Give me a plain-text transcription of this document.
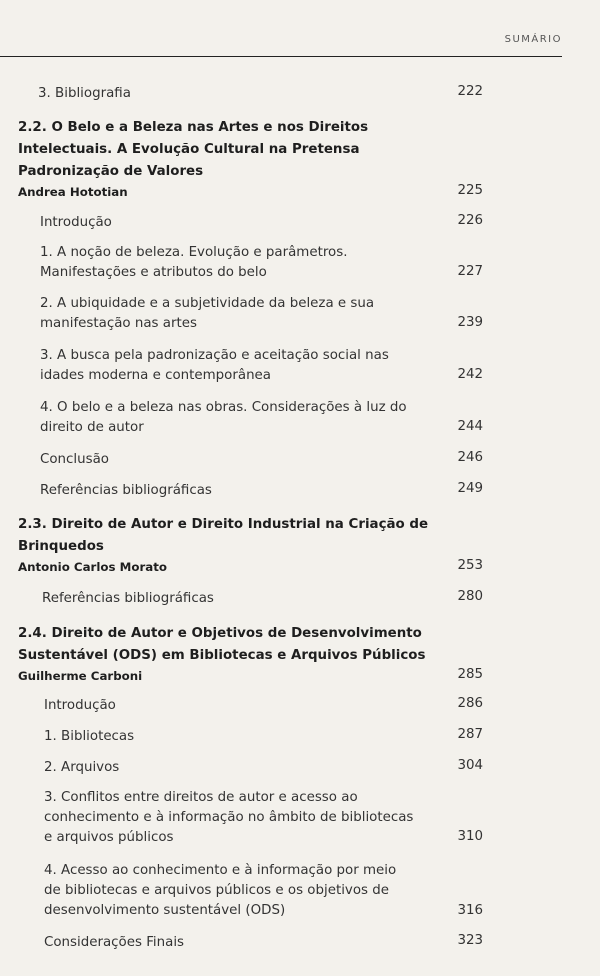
SUMÁRIO
3. Bibliografia	222
2.2. O Belo e a Beleza nas Artes e nos Direitos
Intelectuais. A Evolução Cultural na Pretensa
Padronização de Valores
Andrea Hototian	225
Introdução	226
1. A noção de beleza. Evolução e parâmetros.
Manifestações e atributos do belo	227
2. A ubiquidade e a subjetividade da beleza e sua
manifestação nas artes	239
3. A busca pela padronização e aceitação social nas
idades moderna e contemporânea	242
4. O belo e a beleza nas obras. Considerações à luz do
direito de autor	244
Conclusão	246
Referências bibliográficas	249
2.3. Direito de Autor e Direito Industrial na Criação de
Brinquedos
Antonio Carlos Morato	253
Referências bibliográficas	280
2.4. Direito de Autor e Objetivos de Desenvolvimento
Sustentável (ODS) em Bibliotecas e Arquivos Públicos
Guilherme Carboni	285
Introdução	286
1. Bibliotecas	287
2. Arquivos	304
3. Conflitos entre direitos de autor e acesso ao
conhecimento e à informação no âmbito de bibliotecas
e arquivos públicos	310
4. Acesso ao conhecimento e à informação por meio
de bibliotecas e arquivos públicos e os objetivos de
desenvolvimento sustentável (ODS)	316
Considerações Finais	323
